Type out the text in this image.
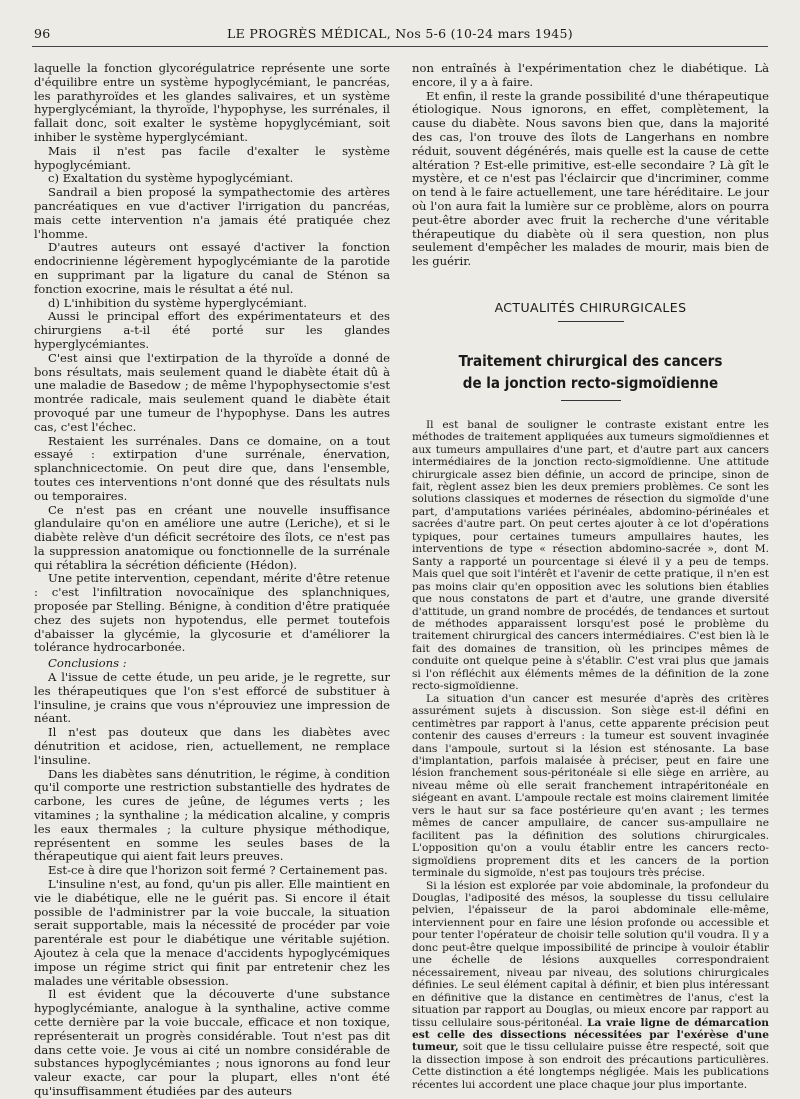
96	LE PROGRÈS MÉDICAL, Nos 5-6 (10-24 mars 1945)

laquelle la fonction glycorégulatrice représente une sorte d'équilibre entre un système hypoglycémiant, le pancréas, les parathyroïdes et les glandes salivaires, et un système hyperglycémiant, la thyroïde, l'hypophyse, les surrénales, il fallait donc, soit exalter le système hopyglycémiant, soit inhiber le système hyperglycémiant.

Mais il n'est pas facile d'exalter le système hypoglycémiant.

c) Exaltation du système hypoglycémiant.

Sandrail a bien proposé la sympathectomie des artères pancréatiques en vue d'activer l'irrigation du pancréas, mais cette intervention n'a jamais été pratiquée chez l'homme.

D'autres auteurs ont essayé d'activer la fonction endocrinienne légèrement hypoglycémiante de la parotide en supprimant par la ligature du canal de Sténon sa fonction exocrine, mais le résultat a été nul.

d) L'inhibition du système hyperglycémiant.

Aussi le principal effort des expérimentateurs et des chirurgiens a-t-il été porté sur les glandes hyperglycémiantes.

C'est ainsi que l'extirpation de la thyroïde a donné de bons résultats, mais seulement quand le diabète était dû à une maladie de Basedow ; de même l'hypophysectomie s'est montrée radicale, mais seulement quand le diabète était provoqué par une tumeur de l'hypophyse. Dans les autres cas, c'est l'échec.

Restaient les surrénales. Dans ce domaine, on a tout essayé : extirpation d'une surrénale, énervation, splanchnicectomie. On peut dire que, dans l'ensemble, toutes ces interventions n'ont donné que des résultats nuls ou temporaires.

Ce n'est pas en créant une nouvelle insuffisance glandulaire qu'on en améliore une autre (Leriche), et si le diabète relève d'un déficit secrétoire des îlots, ce n'est pas la suppression anatomique ou fonctionnelle de la surrénale qui rétablira la sécrétion déficiente (Hédon).

Une petite intervention, cependant, mérite d'être retenue : c'est l'infiltration novocaïnique des splanchniques, proposée par Stelling. Bénigne, à condition d'être pratiquée chez des sujets non hypotendus, elle permet toutefois d'abaisser la glycémie, la glycosurie et d'améliorer la tolérance hydrocarbonée.

Conclusions :

A l'issue de cette étude, un peu aride, je le regrette, sur les thérapeutiques que l'on s'est efforcé de substituer à l'insuline, je crains que vous n'éprouviez une impression de néant.

Il n'est pas douteux que dans les diabètes avec dénutrition et acidose, rien, actuellement, ne remplace l'insuline.

Dans les diabètes sans dénutrition, le régime, à condition qu'il comporte une restriction substantielle des hydrates de carbone, les cures de jeûne, de légumes verts ; les vitamines ; la synthaline ; la médication alcaline, y compris les eaux thermales ; la culture physique méthodique, représentent en somme les seules bases de la thérapeutique qui aient fait leurs preuves.

Est-ce à dire que l'horizon soit fermé ? Certainement pas.

L'insuline n'est, au fond, qu'un pis aller. Elle maintient en vie le diabétique, elle ne le guérit pas. Si encore il était possible de l'administrer par la voie buccale, la situation serait supportable, mais la nécessité de procéder par voie parentérale est pour le diabétique une véritable sujétion. Ajoutez à cela que la menace d'accidents hypoglycémiques impose un régime strict qui finit par entretenir chez les malades une véritable obsession.

Il est évident que la découverte d'une substance hypoglycémiante, analogue à la synthaline, active comme cette dernière par la voie buccale, efficace et non toxique, représenterait un progrès considérable. Tout n'est pas dit dans cette voie. Je vous ai cité un nombre considérable de substances hypoglycémiantes ; nous ignorons au fond leur valeur exacte, car pour la plupart, elles n'ont été qu'insuffisamment étudiées par des auteurs

non entraînés à l'expérimentation chez le diabétique. Là encore, il y a à faire.

Et enfin, il reste la grande possibilité d'une thérapeutique étiologique. Nous ignorons, en effet, complètement, la cause du diabète. Nous savons bien que, dans la majorité des cas, l'on trouve des îlots de Langerhans en nombre réduit, souvent dégénérés, mais quelle est la cause de cette altération ? Est-elle primitive, est-elle secondaire ? Là gît le mystère, et ce n'est pas l'éclaircir que d'incriminer, comme on tend à le faire actuellement, une tare héréditaire. Le jour où l'on aura fait la lumière sur ce problème, alors on pourra peut-être aborder avec fruit la recherche d'une véritable thérapeutique du diabète où il sera question, non plus seulement d'empêcher les malades de mourir, mais bien de les guérir.

ACTUALITÉS CHIRURGICALES
Traitement chirurgical des cancers
de la jonction recto-sigmoïdienne

Il est banal de souligner le contraste existant entre les méthodes de traitement appliquées aux tumeurs sigmoïdiennes et aux tumeurs ampullaires d'une part, et d'autre part aux cancers intermédiaires de la jonction recto-sigmoïdienne. Une attitude chirurgicale assez bien définie, un accord de principe, sinon de fait, règlent assez bien les deux premiers problèmes. Ce sont les solutions classiques et modernes de résection du sigmoïde d'une part, d'amputations variées périnéales, abdomino-périnéales et sacrées d'autre part. On peut certes ajouter à ce lot d'opérations typiques, pour certaines tumeurs ampullaires hautes, les interventions de type « résection abdomino-sacrée », dont M. Santy a rapporté un pourcentage si élevé il y a peu de temps. Mais quel que soit l'intérêt et l'avenir de cette pratique, il n'en est pas moins clair qu'en opposition avec les solutions bien établies que nous constatons de part et d'autre, une grande diversité d'attitude, un grand nombre de procédés, de tendances et surtout de méthodes apparaissent lorsqu'est posé le problème du traitement chirurgical des cancers intermédiaires. C'est bien là le fait des domaines de transition, où les principes mêmes de conduite ont quelque peine à s'établir. C'est vrai plus que jamais si l'on réfléchit aux éléments mêmes de la définition de la zone recto-sigmoïdienne.

La situation d'un cancer est mesurée d'après des critères assurément sujets à discussion. Son siège est-il défini en centimètres par rapport à l'anus, cette apparente précision peut contenir des causes d'erreurs : la tumeur est souvent invaginée dans l'ampoule, surtout si la lésion est sténosante. La base d'implantation, parfois malaisée à préciser, peut en faire une lésion franchement sous-péritonéale si elle siège en arrière, au niveau même où elle serait franchement intrapéritonéale en siégeant en avant. L'ampoule rectale est moins clairement limitée vers le haut sur sa face postérieure qu'en avant ; les termes mêmes de cancer ampullaire, de cancer sus-ampullaire ne facilitent pas la définition des solutions chirurgicales. L'opposition qu'on a voulu établir entre les cancers recto-sigmoïdiens proprement dits et les cancers de la portion terminale du sigmoïde, n'est pas toujours très précise.

Si la lésion est explorée par voie abdominale, la profondeur du Douglas, l'adiposité des mésos, la souplesse du tissu cellulaire pelvien, l'épaisseur de la paroi abdominale elle-même, interviennent pour en faire une lésion profonde ou accessible et pour tenter l'opérateur de choisir telle solution qu'il voudra. Il y a donc peut-être quelque impossibilité de principe à vouloir établir une échelle de lésions auxquelles correspondraient nécessairement, niveau par niveau, des solutions chirurgicales définies. Le seul élément capital à définir, et bien plus intéressant en définitive que la distance en centimètres de l'anus, c'est la situation par rapport au Douglas, ou mieux encore par rapport au tissu cellulaire sous-péritonéal. La vraie ligne de démarcation est celle des dissections nécessitées par l'exérèse d'une tumeur, soit que le tissu cellulaire puisse être respecté, soit que la dissection impose à son endroit des précautions particulières. Cette distinction a été longtemps négligée. Mais les publications récentes lui accordent une place chaque jour plus importante.
